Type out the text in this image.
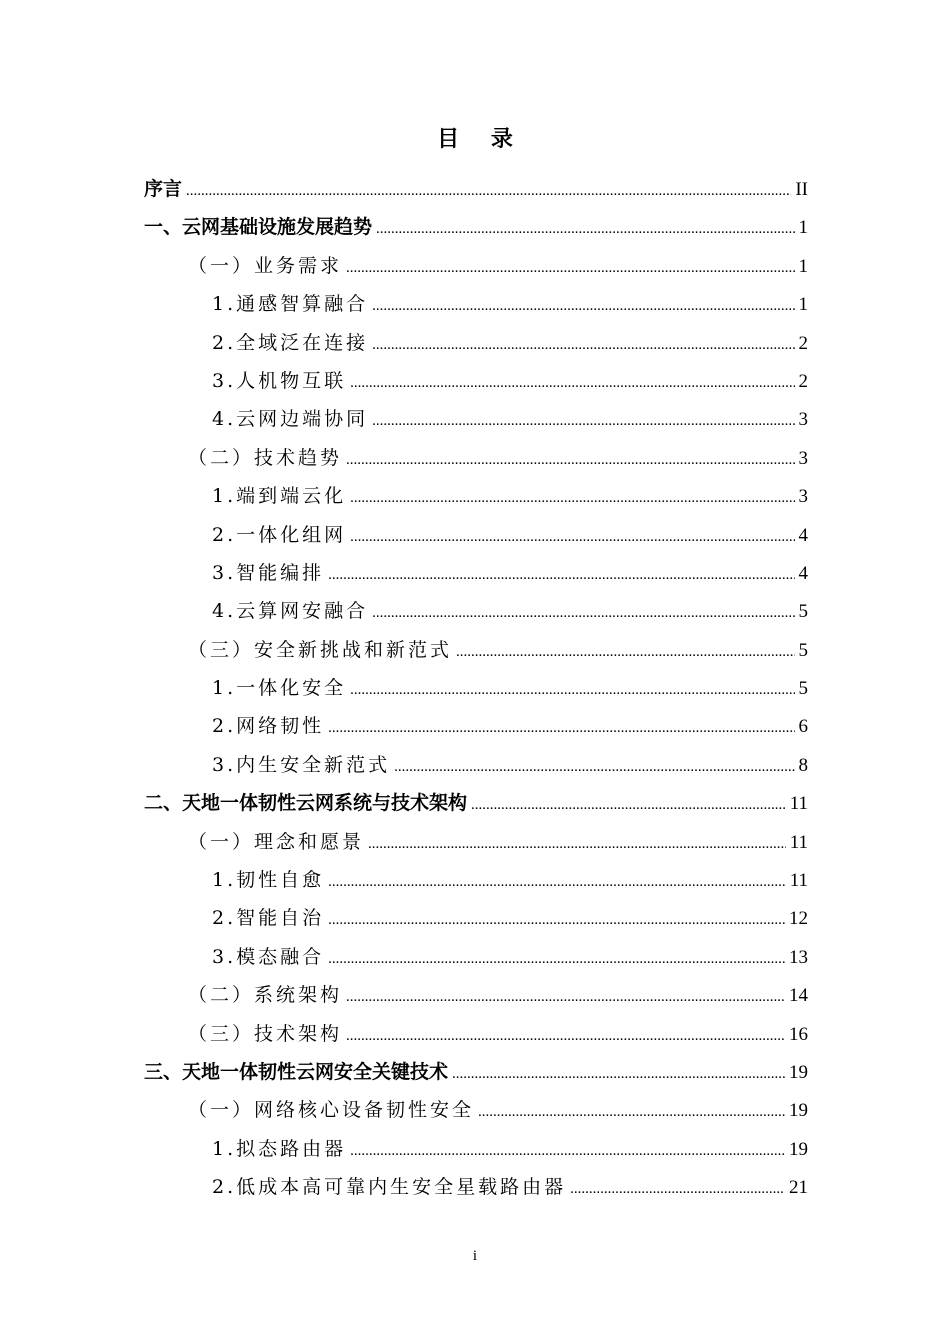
目 录
序言 .....	II
一、云网基础设施发展趋势 .....	1
（一）业务需求 .....	1
1.通感智算融合 .....	1
2.全域泛在连接 .....	2
3.人机物互联 .....	2
4.云网边端协同 .....	3
（二）技术趋势 .....	3
1.端到端云化 .....	3
2.一体化组网 .....	4
3.智能编排 .....	4
4.云算网安融合 .....	5
（三）安全新挑战和新范式 .....	5
1.一体化安全 .....	5
2.网络韧性 .....	6
3.内生安全新范式 .....	8
二、天地一体韧性云网系统与技术架构 .....	11
（一）理念和愿景 .....	11
1.韧性自愈 .....	11
2.智能自治 .....	12
3.模态融合 .....	13
（二）系统架构 .....	14
（三）技术架构 .....	16
三、天地一体韧性云网安全关键技术 .....	19
（一）网络核心设备韧性安全 .....	19
1.拟态路由器 .....	19
2.低成本高可靠内生安全星载路由器 .....	21
i
